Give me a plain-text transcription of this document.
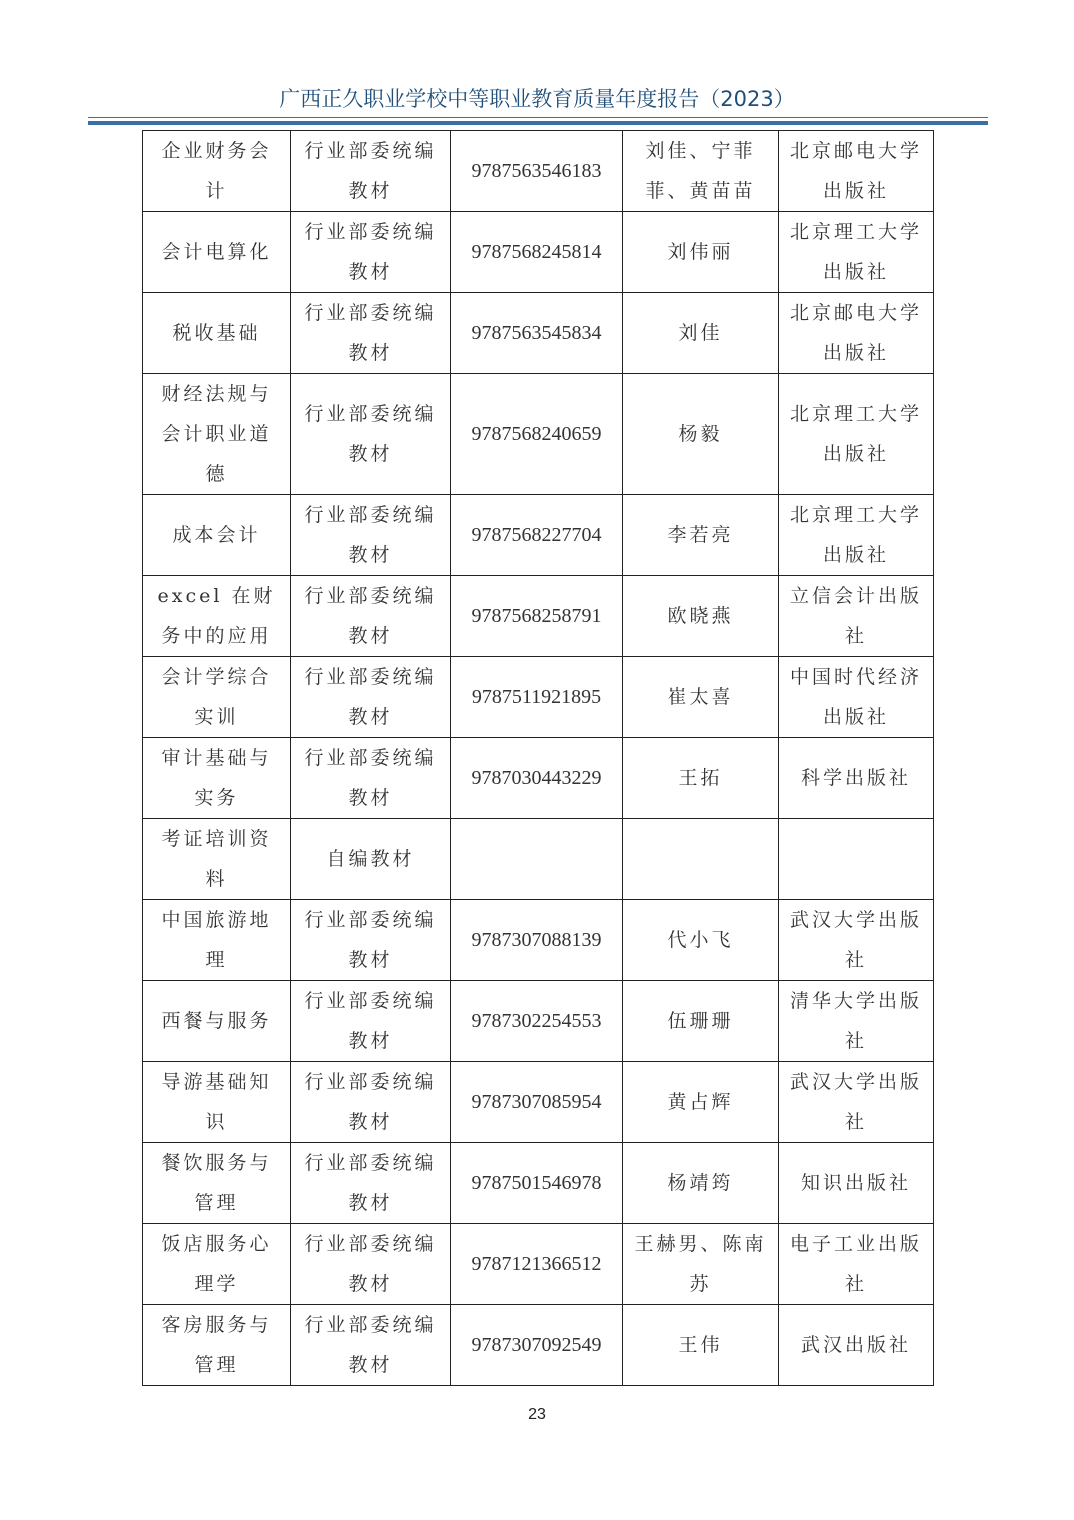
广西正久职业学校中等职业教育质量年度报告（2023）
企业财务会计	行业部委统编教材	9787563546183	刘佳、宁菲菲、黄苗苗	北京邮电大学出版社
会计电算化	行业部委统编教材	9787568245814	刘伟丽	北京理工大学出版社
税收基础	行业部委统编教材	9787563545834	刘佳	北京邮电大学出版社
财经法规与会计职业道德	行业部委统编教材	9787568240659	杨毅	北京理工大学出版社
成本会计	行业部委统编教材	9787568227704	李若亮	北京理工大学出版社
excel 在财务中的应用	行业部委统编教材	9787568258791	欧晓燕	立信会计出版社
会计学综合实训	行业部委统编教材	9787511921895	崔太喜	中国时代经济出版社
审计基础与实务	行业部委统编教材	9787030443229	王拓	科学出版社
考证培训资料	自编教材			
中国旅游地理	行业部委统编教材	9787307088139	代小飞	武汉大学出版社
西餐与服务	行业部委统编教材	9787302254553	伍珊珊	清华大学出版社
导游基础知识	行业部委统编教材	9787307085954	黄占辉	武汉大学出版社
餐饮服务与管理	行业部委统编教材	9787501546978	杨靖筠	知识出版社
饭店服务心理学	行业部委统编教材	9787121366512	王赫男、陈南苏	电子工业出版社
客房服务与管理	行业部委统编教材	9787307092549	王伟	武汉出版社
23
